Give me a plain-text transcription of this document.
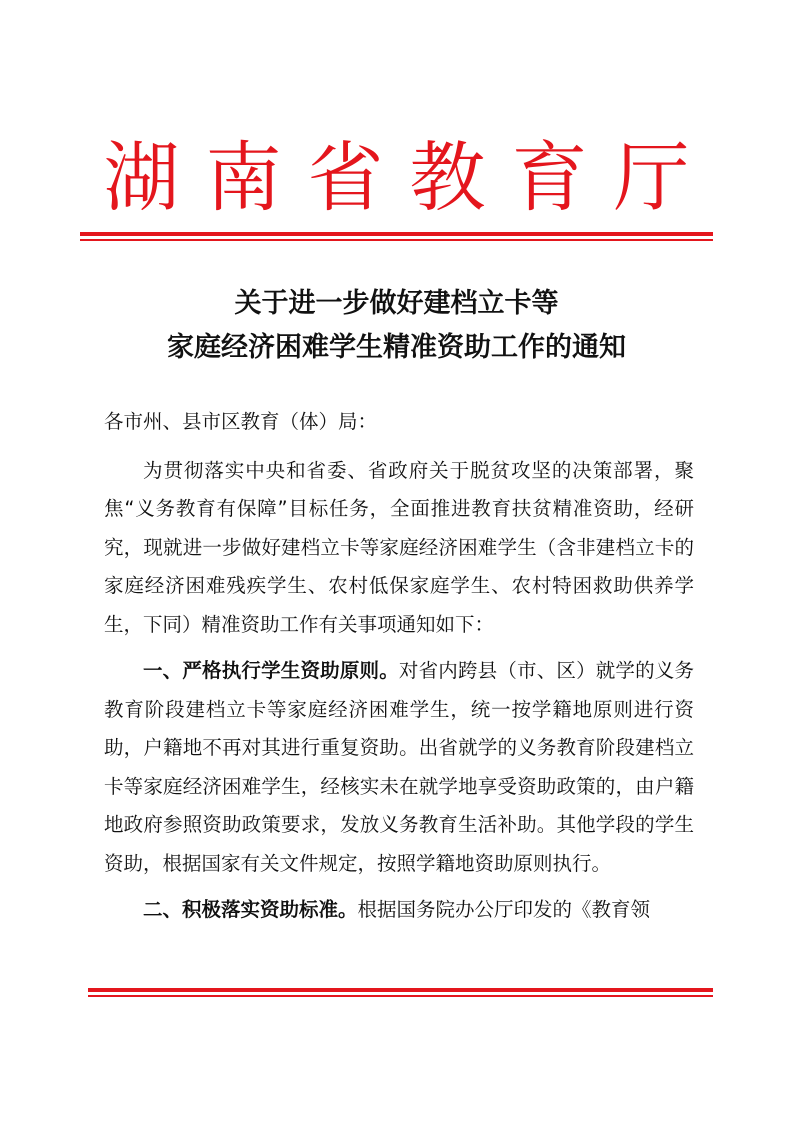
湖南省教育厅
关于进一步做好建档立卡等
家庭经济困难学生精准资助工作的通知
各市州、县市区教育（体）局：
为贯彻落实中央和省委、省政府关于脱贫攻坚的决策部署，聚焦“义务教育有保障”目标任务，全面推进教育扶贫精准资助，经研究，现就进一步做好建档立卡等家庭经济困难学生（含非建档立卡的家庭经济困难残疾学生、农村低保家庭学生、农村特困救助供养学生，下同）精准资助工作有关事项通知如下：
一、严格执行学生资助原则。对省内跨县（市、区）就学的义务教育阶段建档立卡等家庭经济困难学生，统一按学籍地原则进行资助，户籍地不再对其进行重复资助。出省就学的义务教育阶段建档立卡等家庭经济困难学生，经核实未在就学地享受资助政策的，由户籍地政府参照资助政策要求，发放义务教育生活补助。其他学段的学生资助，根据国家有关文件规定，按照学籍地资助原则执行。
二、积极落实资助标准。根据国务院办公厅印发的《教育领
